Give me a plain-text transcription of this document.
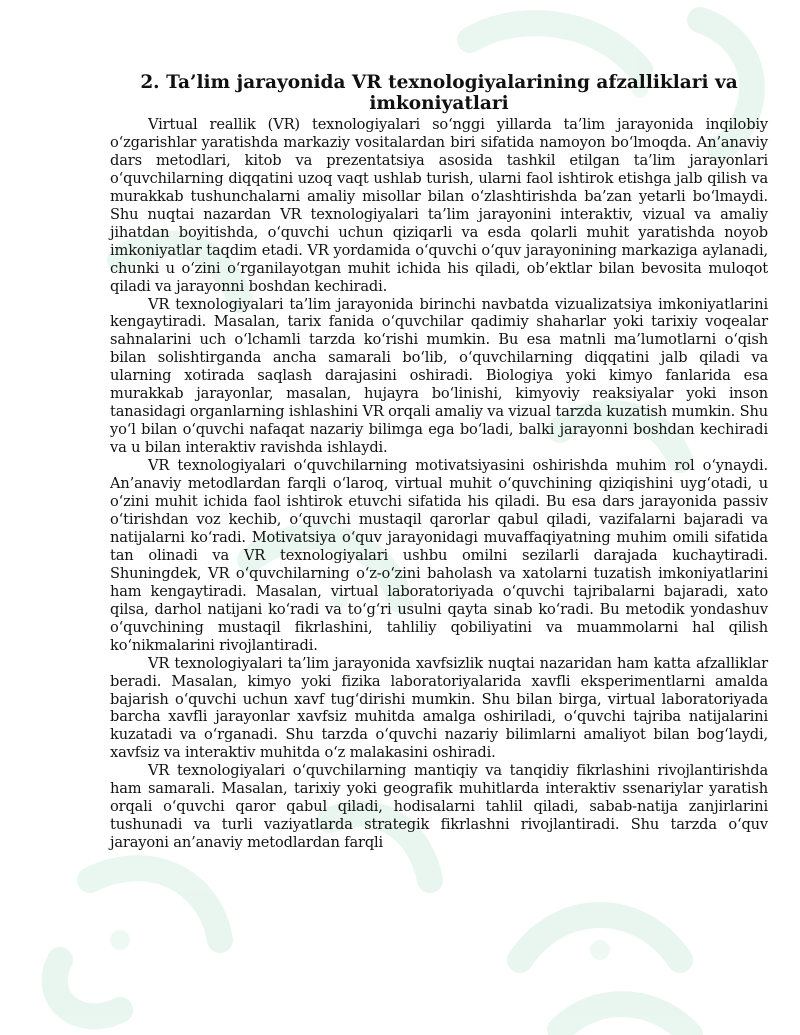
2. Ta’lim jarayonida VR texnologiyalarining afzalliklari va imkoniyatlari

Virtual reallik (VR) texnologiyalari so‘nggi yillarda ta’lim jarayonida inqilobiy o‘zgarishlar yaratishda markaziy vositalardan biri sifatida namoyon bo‘lmoqda. An’anaviy dars metodlari, kitob va prezentatsiya asosida tashkil etilgan ta’lim jarayonlari o‘quvchilarning diqqatini uzoq vaqt ushlab turish, ularni faol ishtirok etishga jalb qilish va murakkab tushunchalarni amaliy misollar bilan o‘zlashtirishda ba’zan yetarli bo‘lmaydi. Shu nuqtai nazardan VR texnologiyalari ta’lim jarayonini interaktiv, vizual va amaliy jihatdan boyitishda, o‘quvchi uchun qiziqarli va esda qolarli muhit yaratishda noyob imkoniyatlar taqdim etadi. VR yordamida o‘quvchi o‘quv jarayonining markaziga aylanadi, chunki u o‘zini o‘rganilayotgan muhit ichida his qiladi, ob’ektlar bilan bevosita muloqot qiladi va jarayonni boshdan kechiradi.

VR texnologiyalari ta’lim jarayonida birinchi navbatda vizualizatsiya imkoniyatlarini kengaytiradi. Masalan, tarix fanida o‘quvchilar qadimiy shaharlar yoki tarixiy voqealar sahnalarini uch o‘lchamli tarzda ko‘rishi mumkin. Bu esa matnli ma’lumotlarni o‘qish bilan solishtirganda ancha samarali bo‘lib, o‘quvchilarning diqqatini jalb qiladi va ularning xotirada saqlash darajasini oshiradi. Biologiya yoki kimyo fanlarida esa murakkab jarayonlar, masalan, hujayra bo‘linishi, kimyoviy reaksiyalar yoki inson tanasidagi organlarning ishlashini VR orqali amaliy va vizual tarzda kuzatish mumkin. Shu yo‘l bilan o‘quvchi nafaqat nazariy bilimga ega bo‘ladi, balki jarayonni boshdan kechiradi va u bilan interaktiv ravishda ishlaydi.

VR texnologiyalari o‘quvchilarning motivatsiyasini oshirishda muhim rol o‘ynaydi. An’anaviy metodlardan farqli o‘laroq, virtual muhit o‘quvchining qiziqishini uyg‘otadi, u o‘zini muhit ichida faol ishtirok etuvchi sifatida his qiladi. Bu esa dars jarayonida passiv o‘tirishdan voz kechib, o‘quvchi mustaqil qarorlar qabul qiladi, vazifalarni bajaradi va natijalarni ko‘radi. Motivatsiya o‘quv jarayonidagi muvaffaqiyatning muhim omili sifatida tan olinadi va VR texnologiyalari ushbu omilni sezilarli darajada kuchaytiradi. Shuningdek, VR o‘quvchilarning o‘z-o‘zini baholash va xatolarni tuzatish imkoniyatlarini ham kengaytiradi. Masalan, virtual laboratoriyada o‘quvchi tajribalarni bajaradi, xato qilsa, darhol natijani ko‘radi va to‘g‘ri usulni qayta sinab ko‘radi. Bu metodik yondashuv o‘quvchining mustaqil fikrlashini, tahliliy qobiliyatini va muammolarni hal qilish ko‘nikmalarini rivojlantiradi.

VR texnologiyalari ta’lim jarayonida xavfsizlik nuqtai nazaridan ham katta afzalliklar beradi. Masalan, kimyo yoki fizika laboratoriyalarida xavfli eksperimentlarni amalda bajarish o‘quvchi uchun xavf tug‘dirishi mumkin. Shu bilan birga, virtual laboratoriyada barcha xavfli jarayonlar xavfsiz muhitda amalga oshiriladi, o‘quvchi tajriba natijalarini kuzatadi va o‘rganadi. Shu tarzda o‘quvchi nazariy bilimlarni amaliyot bilan bog‘laydi, xavfsiz va interaktiv muhitda o‘z malakasini oshiradi.

VR texnologiyalari o‘quvchilarning mantiqiy va tanqidiy fikrlashini rivojlantirishda ham samarali. Masalan, tarixiy yoki geografik muhitlarda interaktiv ssenariylar yaratish orqali o‘quvchi qaror qabul qiladi, hodisalarni tahlil qiladi, sabab-natija zanjirlarini tushunadi va turli vaziyatlarda strategik fikrlashni rivojlantiradi. Shu tarzda o‘quv jarayoni an’anaviy metodlardan farqli
